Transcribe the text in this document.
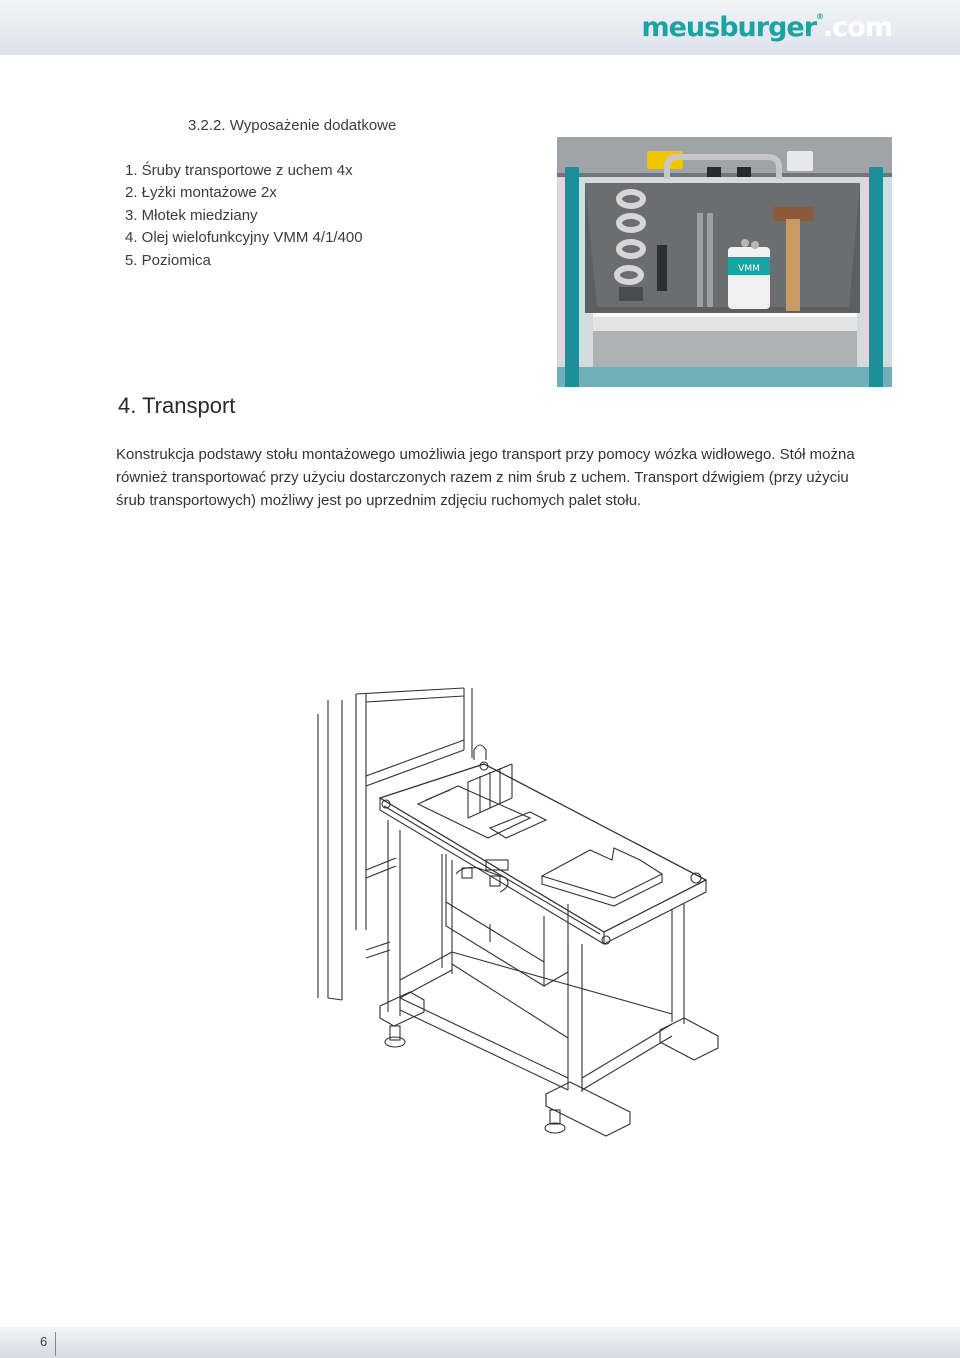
meusburger®.com
3.2.2. Wyposażenie dodatkowe
1. Śruby transportowe z uchem 4x
2. Łyżki montażowe 2x
3. Młotek miedziany
4. Olej wielofunkcyjny VMM 4/1/400
5. Poziomica
VMM
4. Transport

Konstrukcja podstawy stołu montażowego umożliwia jego transport przy pomocy wózka widłowego. Stół można również transportować przy użyciu dostarczonych razem z nim śrub z uchem. Transport dźwigiem (przy użyciu śrub transportowych) możliwy jest po uprzednim zdjęciu ruchomych palet stołu.

6
